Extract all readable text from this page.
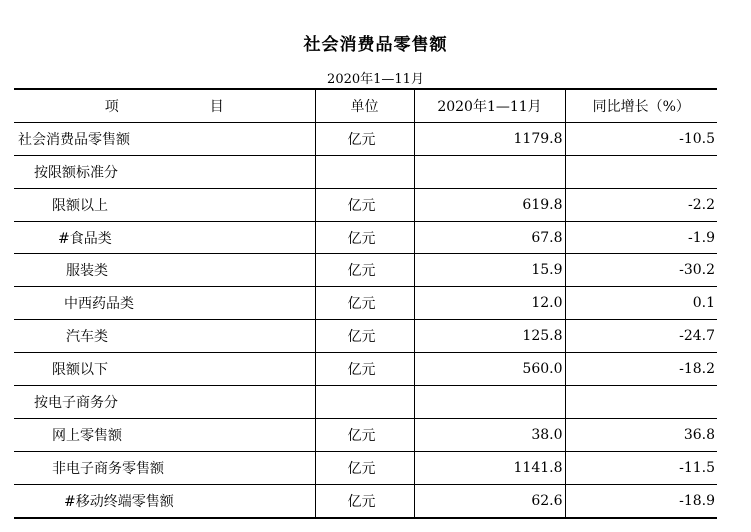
社会消费品零售额
2020年1—11月
项       目	单位	2020年1—11月	同比增长（%）
社会消费品零售额	亿元	1179.8	-10.5
按限额标准分			
限额以上	亿元	619.8	-2.2
#食品类	亿元	67.8	-1.9
服装类	亿元	15.9	-30.2
中西药品类	亿元	12.0	0.1
汽车类	亿元	125.8	-24.7
限额以下	亿元	560.0	-18.2
按电子商务分			
网上零售额	亿元	38.0	36.8
非电子商务零售额	亿元	1141.8	-11.5
#移动终端零售额	亿元	62.6	-18.9
